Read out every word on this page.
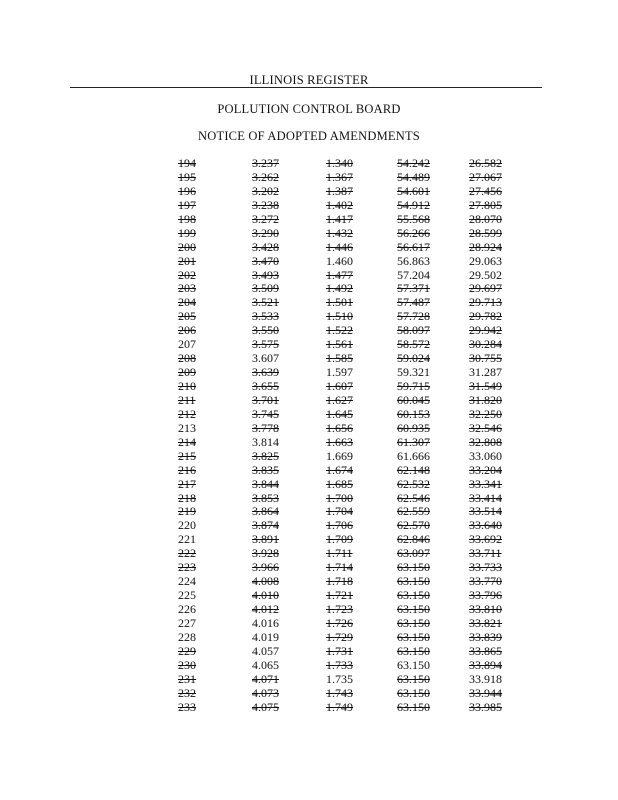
ILLINOIS REGISTER
POLLUTION CONTROL BOARD
NOTICE OF ADOPTED AMENDMENTS
194	3.237	1.340	54.242	26.582
195	3.262	1.367	54.489	27.067
196	3.202	1.387	54.601	27.456
197	3.238	1.402	54.912	27.805
198	3.272	1.417	55.568	28.070
199	3.290	1.432	56.266	28.599
200	3.428	1.446	56.617	28.924
201	3.470	1.460	56.863	29.063
202	3.493	1.477	57.204	29.502
203	3.509	1.492	57.371	29.697
204	3.521	1.501	57.487	29.713
205	3.533	1.510	57.728	29.782
206	3.550	1.522	58.097	29.942
207	3.575	1.561	58.572	30.284
208	3.607	1.585	59.024	30.755
209	3.639	1.597	59.321	31.287
210	3.655	1.607	59.715	31.549
211	3.701	1.627	60.045	31.820
212	3.745	1.645	60.153	32.250
213	3.778	1.656	60.935	32.546
214	3.814	1.663	61.307	32.808
215	3.825	1.669	61.666	33.060
216	3.835	1.674	62.148	33.204
217	3.844	1.685	62.532	33.341
218	3.853	1.700	62.546	33.414
219	3.864	1.704	62.559	33.514
220	3.874	1.706	62.570	33.640
221	3.891	1.709	62.846	33.692
222	3.928	1.711	63.097	33.711
223	3.966	1.714	63.150	33.733
224	4.008	1.718	63.150	33.770
225	4.010	1.721	63.150	33.796
226	4.012	1.723	63.150	33.810
227	4.016	1.726	63.150	33.821
228	4.019	1.729	63.150	33.839
229	4.057	1.731	63.150	33.865
230	4.065	1.733	63.150	33.894
231	4.071	1.735	63.150	33.918
232	4.073	1.743	63.150	33.944
233	4.075	1.749	63.150	33.985
